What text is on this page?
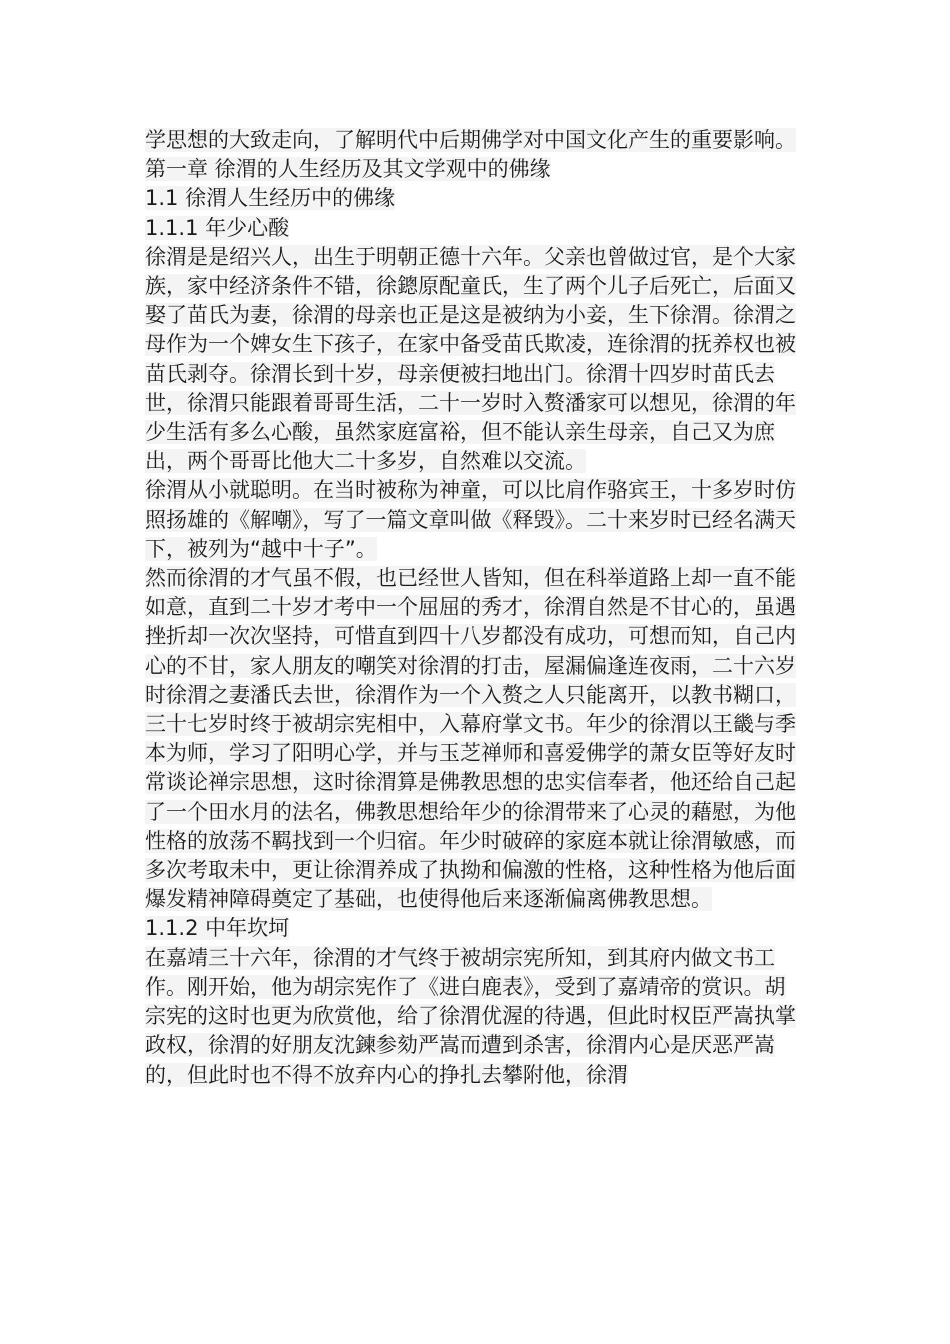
学思想的大致走向，了解明代中后期佛学对中国文化产生的重要影响。

第一章 徐渭的人生经历及其文学观中的佛缘
1.1 徐渭人生经历中的佛缘
1.1.1 年少心酸

徐渭是是绍兴人，出生于明朝正德十六年。父亲也曾做过官，是个大家族，家中经济条件不错，徐鏓原配童氏，生了两个儿子后死亡，后面又娶了苗氏为妻，徐渭的母亲也正是这是被纳为小妾，生下徐渭。徐渭之母作为一个婢女生下孩子，在家中备受苗氏欺凌，连徐渭的抚养权也被苗氏剥夺。徐渭长到十岁，母亲便被扫地出门。徐渭十四岁时苗氏去世，徐渭只能跟着哥哥生活，二十一岁时入赘潘家可以想见，徐渭的年少生活有多么心酸，虽然家庭富裕，但不能认亲生母亲，自己又为庶出，两个哥哥比他大二十多岁，自然难以交流。

徐渭从小就聪明。在当时被称为神童，可以比肩作骆宾王，十多岁时仿照扬雄的《解嘲》，写了一篇文章叫做《释毁》。二十来岁时已经名满天下，被列为“越中十子”。

然而徐渭的才气虽不假，也已经世人皆知，但在科举道路上却一直不能如意，直到二十岁才考中一个屈屈的秀才，徐渭自然是不甘心的，虽遇挫折却一次次坚持，可惜直到四十八岁都没有成功，可想而知，自己内心的不甘，家人朋友的嘲笑对徐渭的打击，屋漏偏逢连夜雨，二十六岁时徐渭之妻潘氏去世，徐渭作为一个入赘之人只能离开，以教书糊口，三十七岁时终于被胡宗宪相中，入幕府掌文书。年少的徐渭以王畿与季本为师，学习了阳明心学，并与玉芝禅师和喜爱佛学的萧女臣等好友时常谈论禅宗思想，这时徐渭算是佛教思想的忠实信奉者，他还给自己起了一个田水月的法名，佛教思想给年少的徐渭带来了心灵的藉慰，为他性格的放荡不羁找到一个归宿。年少时破碎的家庭本就让徐渭敏感，而多次考取未中，更让徐渭养成了执拗和偏激的性格，这种性格为他后面爆发精神障碍奠定了基础，也使得他后来逐渐偏离佛教思想。

1.1.2 中年坎坷

在嘉靖三十六年，徐渭的才气终于被胡宗宪所知，到其府内做文书工作。刚开始，他为胡宗宪作了《进白鹿表》，受到了嘉靖帝的赏识。胡宗宪的这时也更为欣赏他，给了徐渭优渥的待遇，但此时权臣严嵩执掌政权，徐渭的好朋友沈鍊参劾严嵩而遭到杀害，徐渭内心是厌恶严嵩的，但此时也不得不放弃内心的挣扎去攀附他，徐渭
